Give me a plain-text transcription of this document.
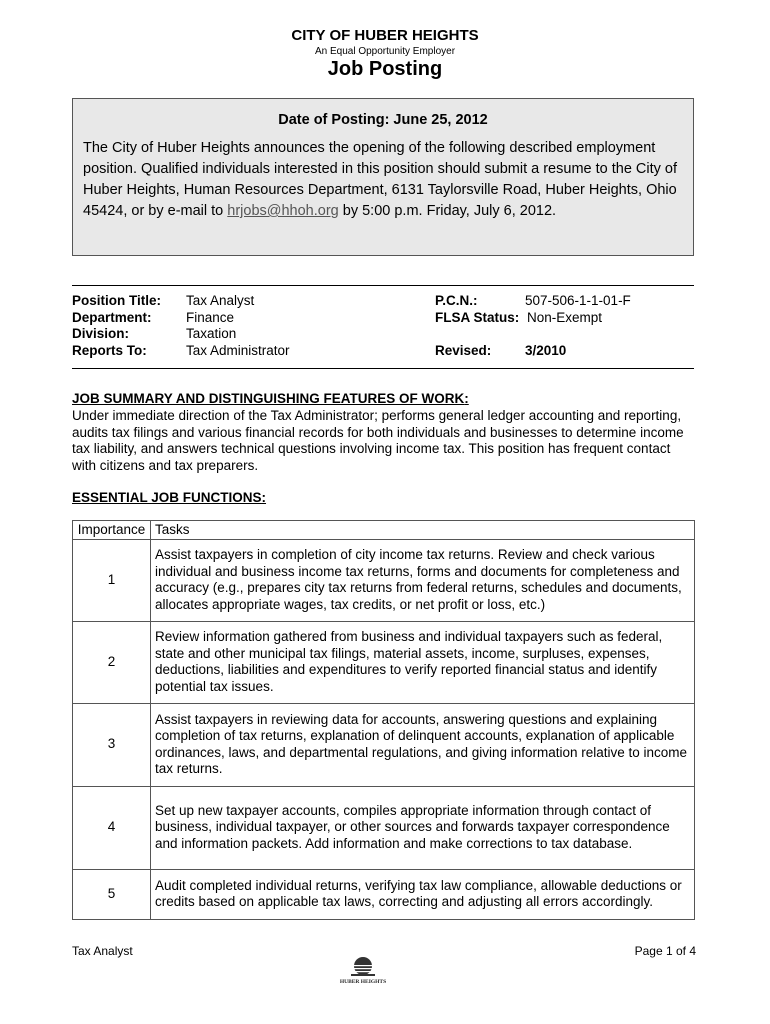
CITY OF HUBER HEIGHTS
An Equal Opportunity Employer
Job Posting
Date of Posting: June 25, 2012
The City of Huber Heights announces the opening of the following described employment position. Qualified individuals interested in this position should submit a resume to the City of Huber Heights, Human Resources Department, 6131 Taylorsville Road, Huber Heights, Ohio 45424, or by e-mail to hrjobs@hhoh.org by 5:00 p.m. Friday, July 6, 2012.
Position Title: Tax Analyst
Department:	Finance
Division:	Taxation
Reports To:	Tax Administrator
P.C.N.:	507-506-1-1-01-F
FLSA Status: Non-Exempt
Revised: 3/2010
JOB SUMMARY AND DISTINGUISHING FEATURES OF WORK:
Under immediate direction of the Tax Administrator; performs general ledger accounting and reporting, audits tax filings and various financial records for both individuals and businesses to determine income tax liability, and answers technical questions involving income tax. This position has frequent contact with citizens and tax preparers.
ESSENTIAL JOB FUNCTIONS:
Importance	Tasks
1	Assist taxpayers in completion of city income tax returns. Review and check various individual and business income tax returns, forms and documents for completeness and accuracy (e.g., prepares city tax returns from federal returns, schedules and documents, allocates appropriate wages, tax credits, or net profit or loss, etc.)
2	Review information gathered from business and individual taxpayers such as federal, state and other municipal tax filings, material assets, income, surpluses, expenses, deductions, liabilities and expenditures to verify reported financial status and identify potential tax issues.
3	Assist taxpayers in reviewing data for accounts, answering questions and explaining completion of tax returns, explanation of delinquent accounts, explanation of applicable ordinances, laws, and departmental regulations, and giving information relative to income tax returns.
4	Set up new taxpayer accounts, compiles appropriate information through contact of business, individual taxpayer, or other sources and forwards taxpayer correspondence and information packets. Add information and make corrections to tax database.
5	Audit completed individual returns, verifying tax law compliance, allowable deductions or credits based on applicable tax laws, correcting and adjusting all errors accordingly.
Tax Analyst	Page 1 of 4
HUBER HEIGHTS
